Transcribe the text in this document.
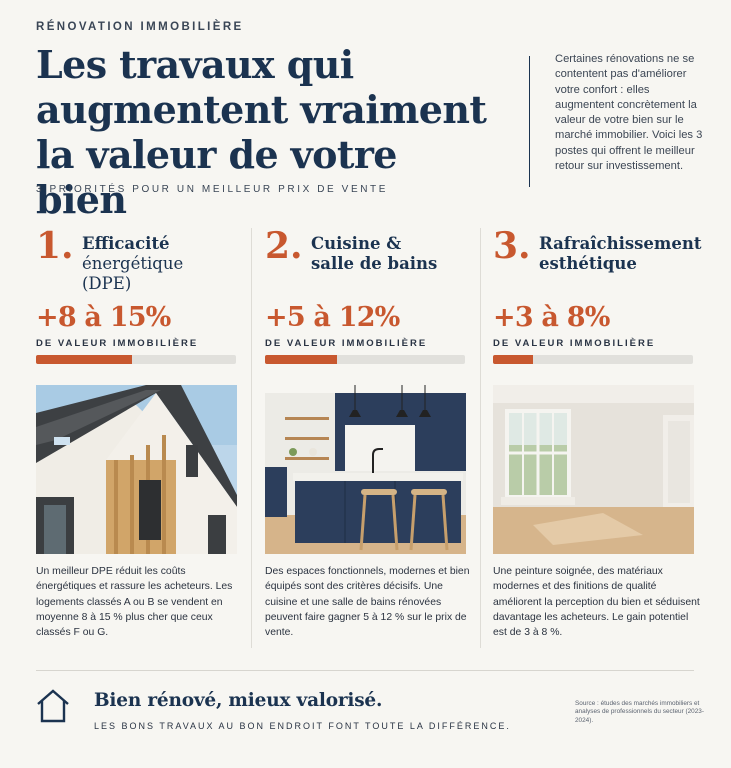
RÉNOVATION IMMOBILIÈRE
Les travaux qui
augmentent vraiment
la valeur de votre bien
3 PRIORITÉS POUR UN MEILLEUR PRIX DE VENTE
Certaines rénovations ne se contentent pas d'améliorer votre confort : elles augmentent concrètement la valeur de votre bien sur le marché immobilier. Voici les 3 postes qui offrent le meilleur retour sur investissement.
1. Efficacité
énergétique
(DPE)
+8 à 15%
DE VALEUR IMMOBILIÈRE
Un meilleur DPE réduit les coûts énergétiques et rassure les acheteurs. Les logements classés A ou B se vendent en moyenne 8 à 15 % plus cher que ceux classés F ou G.
2. Cuisine &
salle de bains
+5 à 12%
DE VALEUR IMMOBILIÈRE
Des espaces fonctionnels, modernes et bien équipés sont des critères décisifs. Une cuisine et une salle de bains rénovées peuvent faire gagner 5 à 12 % sur le prix de vente.
3. Rafraîchissement
esthétique
+3 à 8%
DE VALEUR IMMOBILIÈRE
Une peinture soignée, des matériaux modernes et des finitions de qualité améliorent la perception du bien et séduisent davantage les acheteurs. Le gain potentiel est de 3 à 8 %.
Bien rénové, mieux valorisé.
LES BONS TRAVAUX AU BON ENDROIT FONT TOUTE LA DIFFÉRENCE.
Source : études des marchés immobiliers et analyses de professionnels du secteur (2023-2024).
